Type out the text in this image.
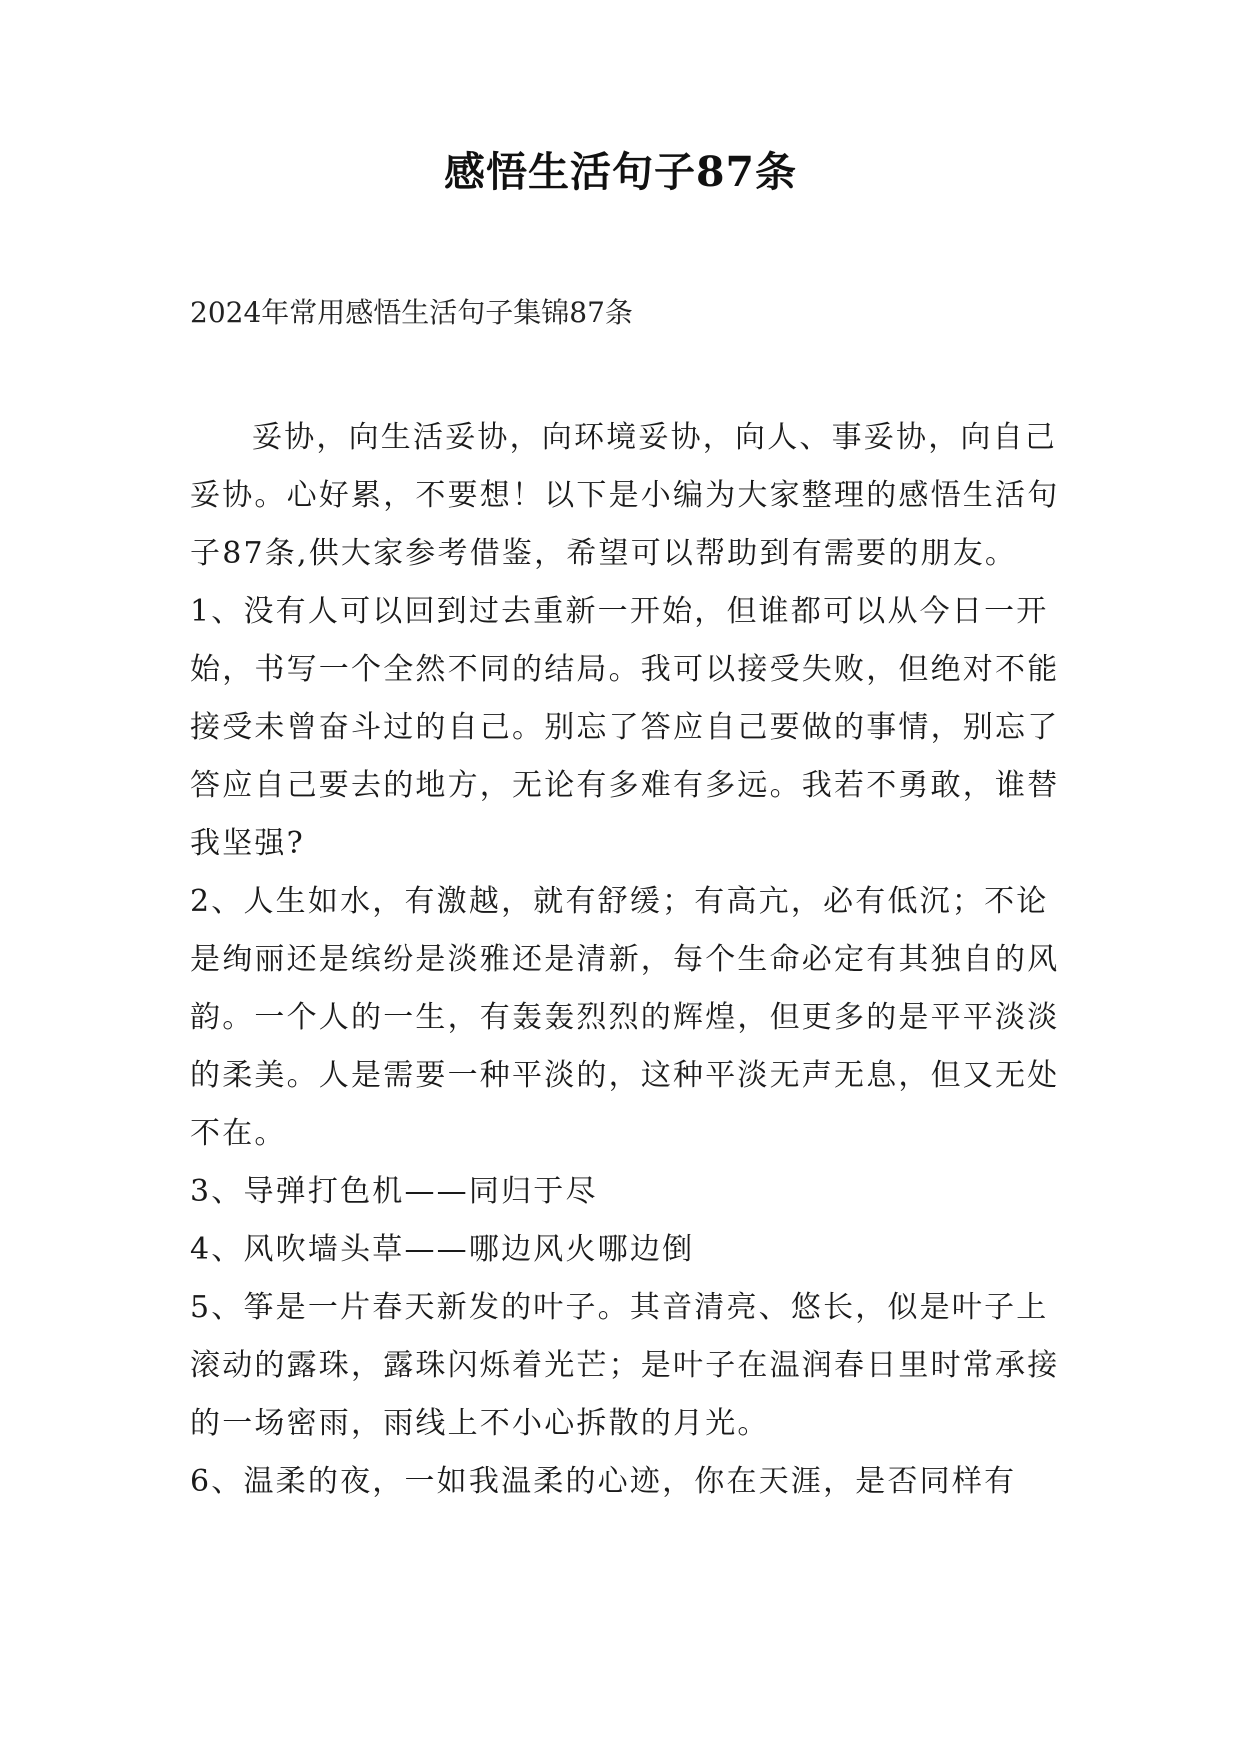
感悟生活句子87条
2024年常用感悟生活句子集锦87条

妥协，向生活妥协，向环境妥协，向人、事妥协，向自己妥协。心好累，不要想！以下是小编为大家整理的感悟生活句子87条,供大家参考借鉴，希望可以帮助到有需要的朋友。

1、没有人可以回到过去重新一开始，但谁都可以从今日一开始，书写一个全然不同的结局。我可以接受失败，但绝对不能接受未曾奋斗过的自己。别忘了答应自己要做的事情，别忘了答应自己要去的地方，无论有多难有多远。我若不勇敢，谁替我坚强?

2、人生如水，有激越，就有舒缓；有高亢，必有低沉；不论是绚丽还是缤纷是淡雅还是清新，每个生命必定有其独自的风韵。一个人的一生，有轰轰烈烈的辉煌，但更多的是平平淡淡的柔美。人是需要一种平淡的，这种平淡无声无息，但又无处不在。

3、导弹打色机——同归于尽

4、风吹墙头草——哪边风火哪边倒

5、筝是一片春天新发的叶子。其音清亮、悠长，似是叶子上滚动的露珠，露珠闪烁着光芒；是叶子在温润春日里时常承接的一场密雨，雨线上不小心拆散的月光。

6、温柔的夜，一如我温柔的心迹，你在天涯，是否同样有
